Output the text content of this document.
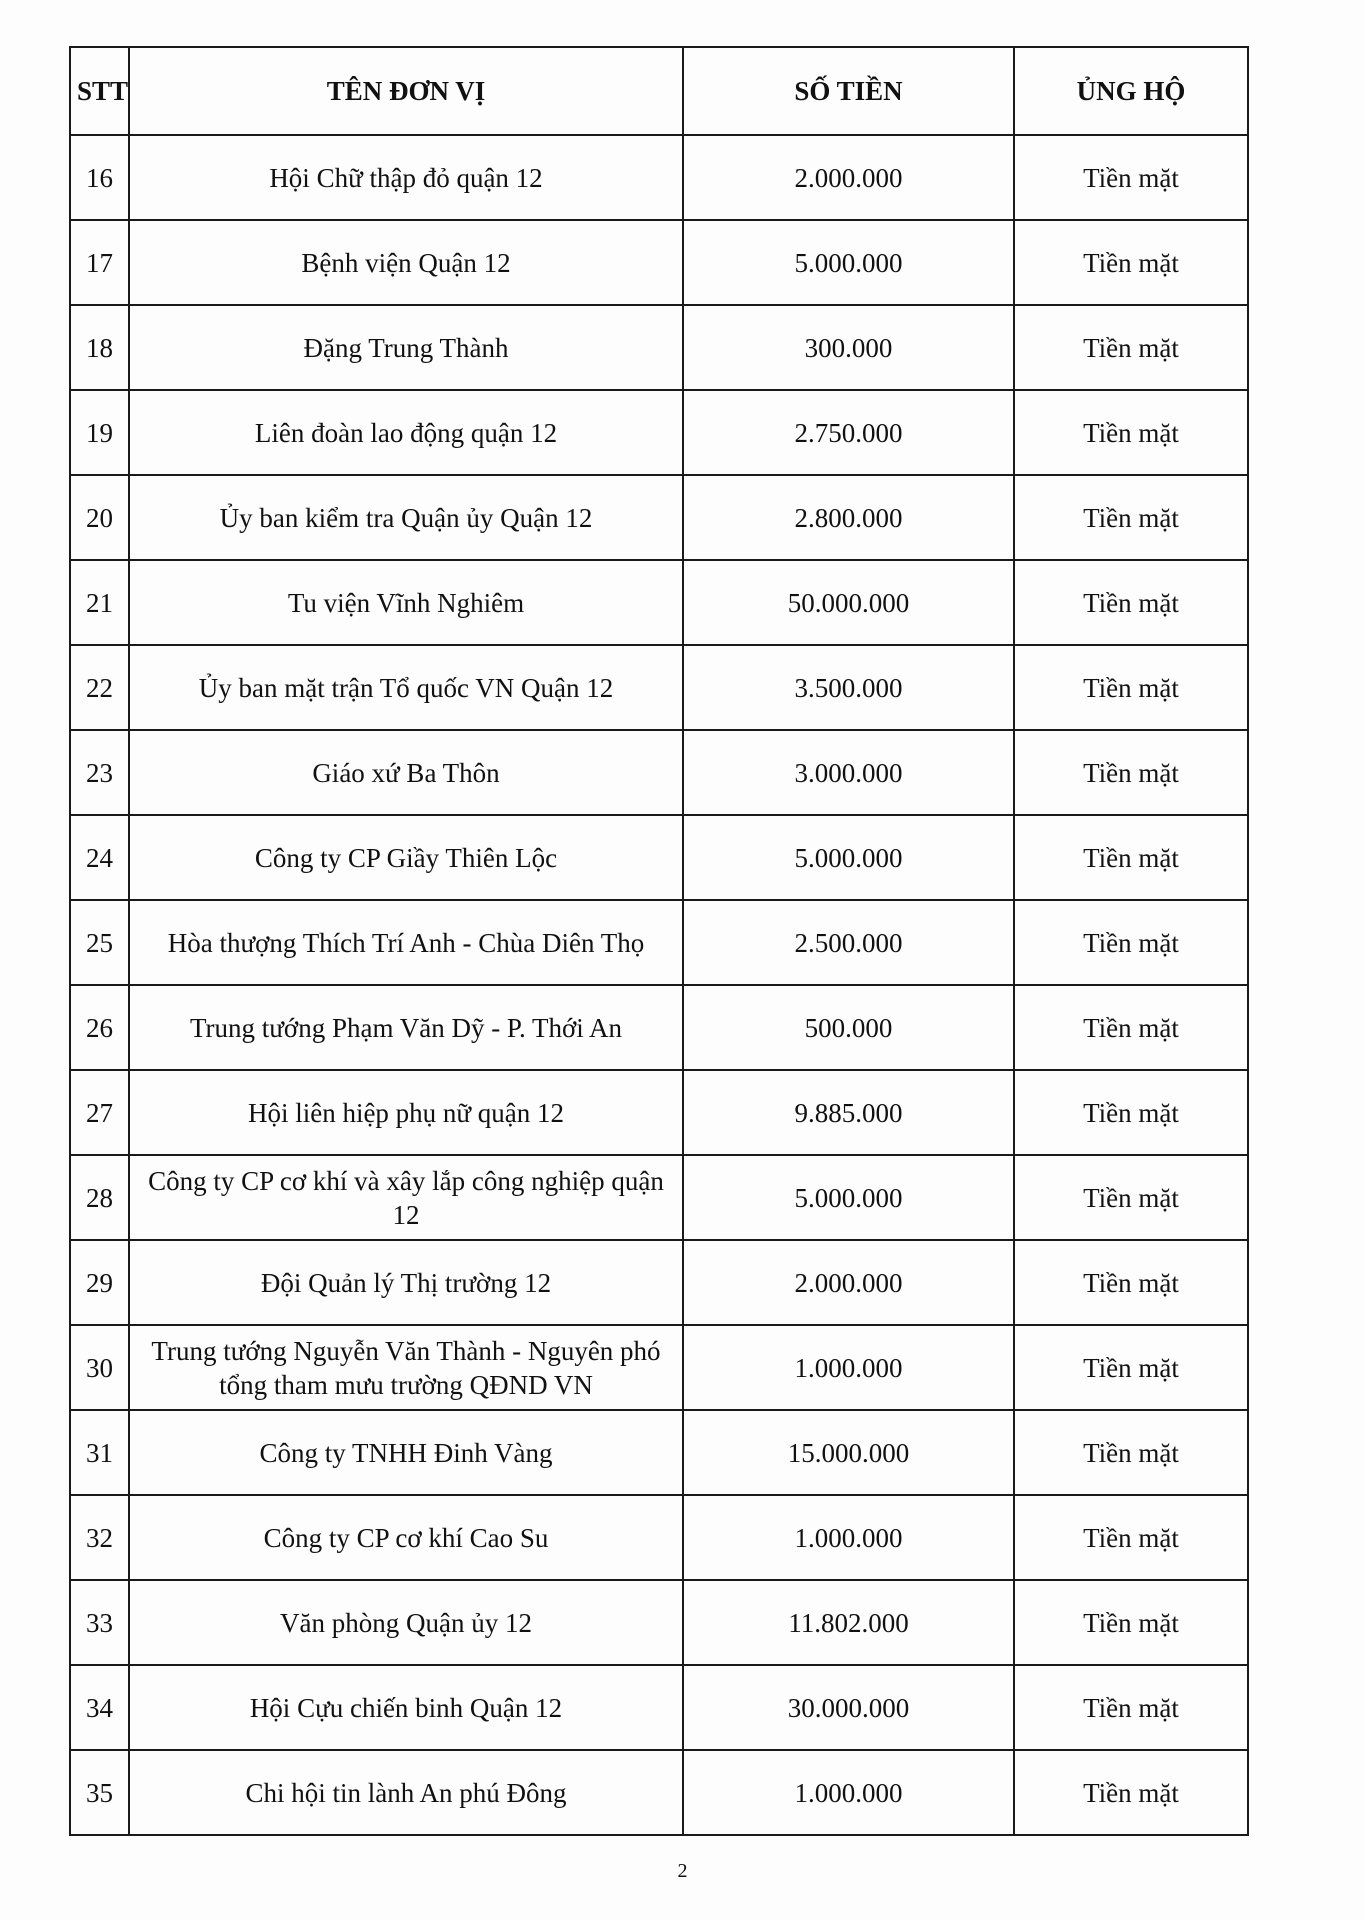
STT	TÊN ĐƠN VỊ	SỐ TIỀN	ỦNG HỘ
16	Hội Chữ thập đỏ quận 12	2.000.000	Tiền mặt
17	Bệnh viện Quận 12	5.000.000	Tiền mặt
18	Đặng Trung Thành	300.000	Tiền mặt
19	Liên đoàn lao động quận 12	2.750.000	Tiền mặt
20	Ủy ban kiểm tra Quận ủy Quận 12	2.800.000	Tiền mặt
21	Tu viện Vĩnh Nghiêm	50.000.000	Tiền mặt
22	Ủy ban mặt trận Tổ quốc VN Quận 12	3.500.000	Tiền mặt
23	Giáo xứ Ba Thôn	3.000.000	Tiền mặt
24	Công ty CP Giầy Thiên Lộc	5.000.000	Tiền mặt
25	Hòa thượng Thích Trí Anh - Chùa Diên Thọ	2.500.000	Tiền mặt
26	Trung tướng Phạm Văn Dỹ - P. Thới An	500.000	Tiền mặt
27	Hội liên hiệp phụ nữ quận 12	9.885.000	Tiền mặt
28	Công ty CP cơ khí và xây lắp công nghiệp quận 12	5.000.000	Tiền mặt
29	Đội Quản lý Thị trường 12	2.000.000	Tiền mặt
30	Trung tướng Nguyễn Văn Thành - Nguyên phó tổng tham mưu trường QĐND VN	1.000.000	Tiền mặt
31	Công ty TNHH Đinh Vàng	15.000.000	Tiền mặt
32	Công ty CP cơ khí Cao Su	1.000.000	Tiền mặt
33	Văn phòng Quận ủy 12	11.802.000	Tiền mặt
34	Hội Cựu chiến binh Quận 12	30.000.000	Tiền mặt
35	Chi hội tin lành An phú Đông	1.000.000	Tiền mặt
2
